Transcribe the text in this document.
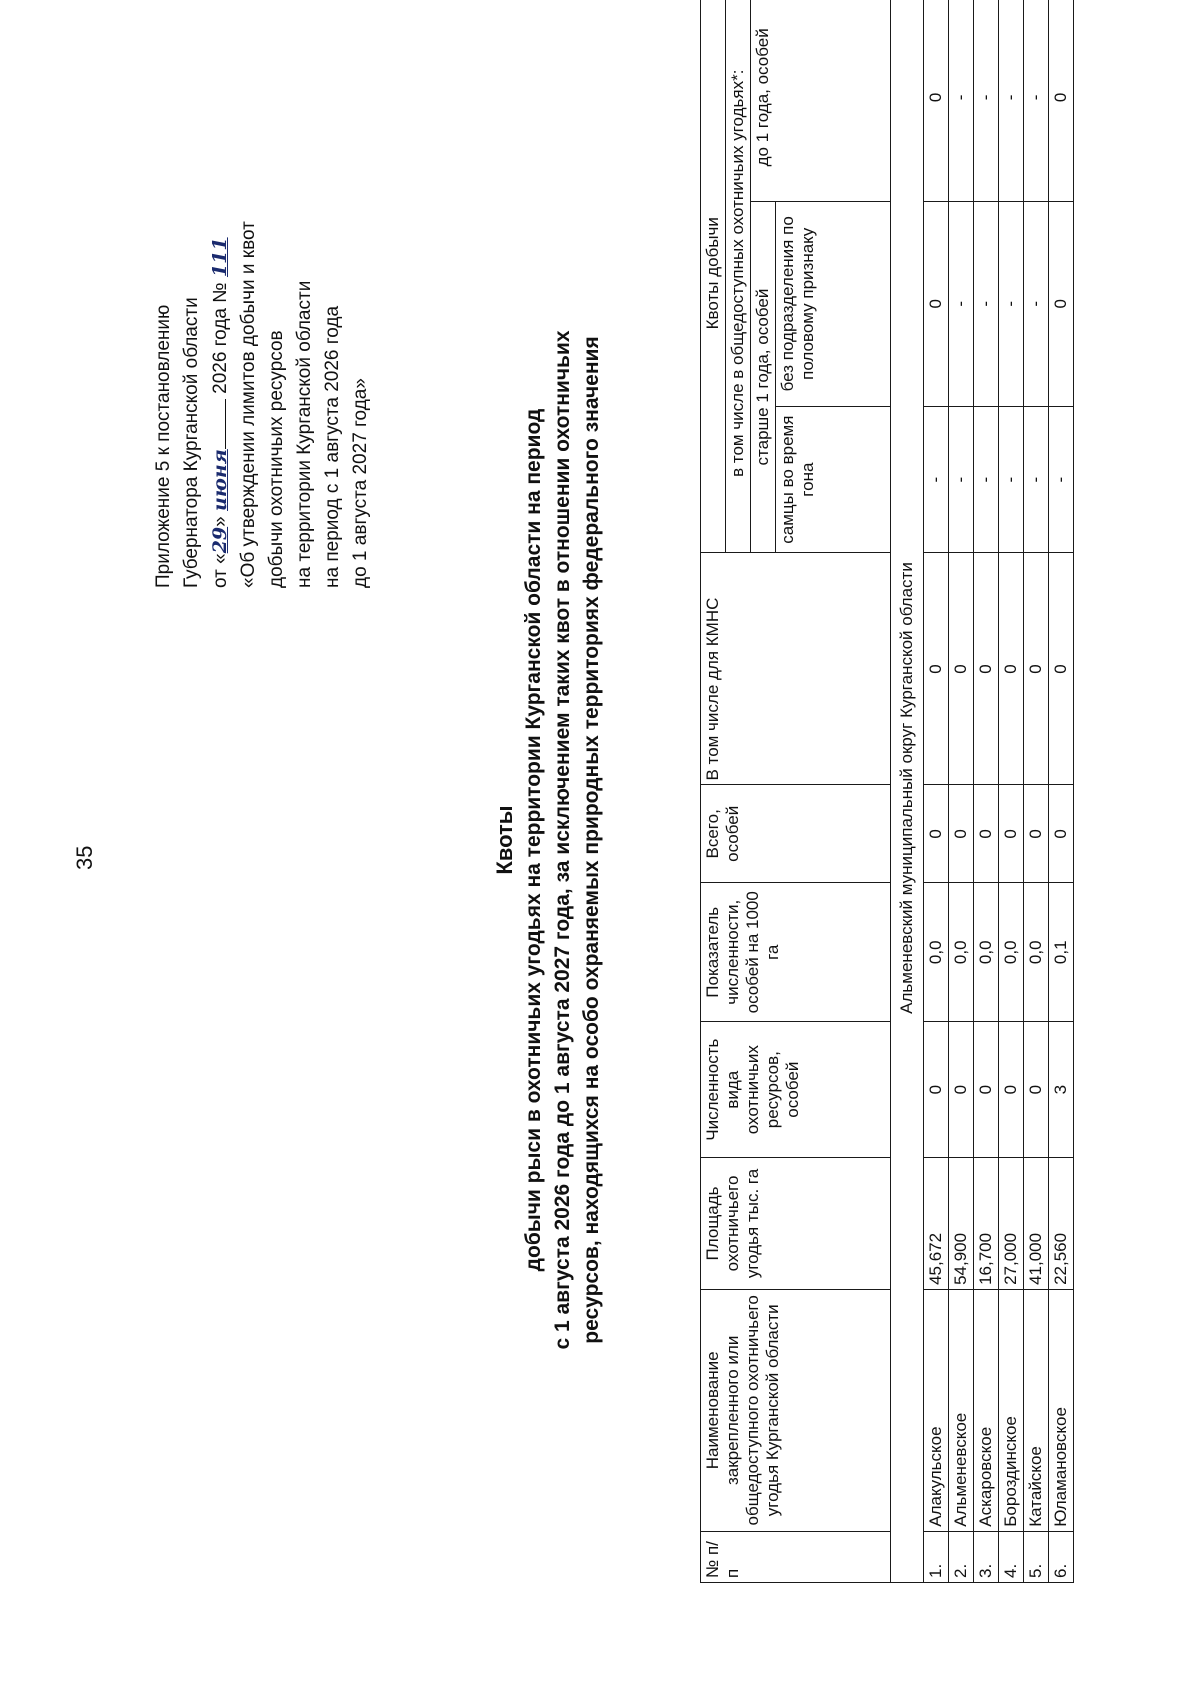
35
Приложение 5 к постановлению Губернатора Курганской области от «29» июня 2026 года № 111 «Об утверждении лимитов добычи и квот добычи охотничьих ресурсов на территории Курганской области на период с 1 августа 2026 года до 1 августа 2027 года»
Квоты добычи рыси в охотничьих угодьях на территории Курганской области на период с 1 августа 2026 года до 1 августа 2027 года, за исключением таких квот в отношении охотничьих ресурсов, находящихся на особо охраняемых природных территориях федерального значения
№ п/п	Наименование закрепленного или общедоступного охотничьего угодья Курганской области	Площадь охотничьего угодья тыс. га	Численность вида охотничьих ресурсов, особей	Показатель численности, особей на 1000 га	Всего, особей	В том числе для КМНС	Квоты добычи		
							в том числе в общедоступных охотничьих угодьях*:		
							старше 1 года, особей		до 1 года, особей
							самцы во время гона	без подразделения по половому признаку	
Альменевский муниципальный округ Курганской области									
1.	Алакульское	45,672	0	0,0	0	0	-	0	0
2.	Альменевское	54,900	0	0,0	0	0	-	-	-
3.	Аскаровское	16,700	0	0,0	0	0	-	-	-
4.	Бороздинское	27,000	0	0,0	0	0	-	-	-
5.	Катайское	41,000	0	0,0	0	0	-	-	-
6.	Юламановское	22,560	3	0,1	0	0	-	0	0
